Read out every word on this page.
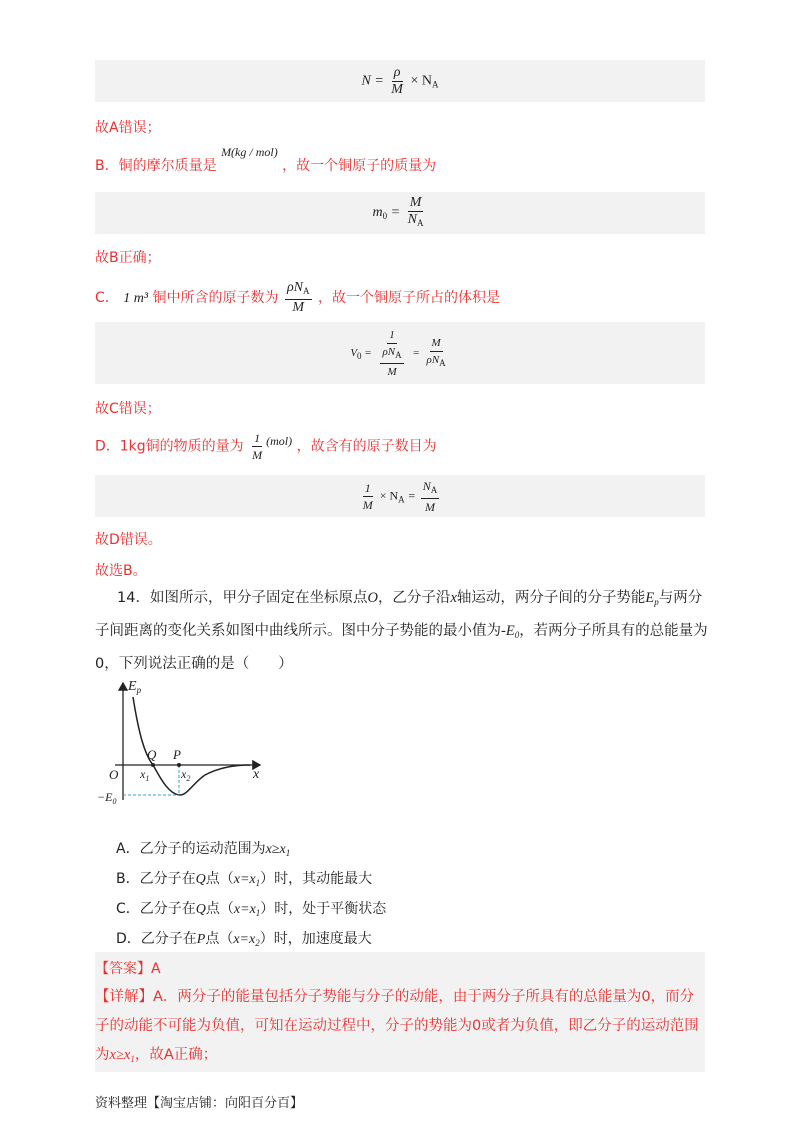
$N = \frac{\rho}{M} \times N_A$
故A错误；
B．铜的摩尔质量是 M(kg / mol) ，故一个铜原子的质量为
$m_0 = \frac{M}{N_A}$
故B正确；
C． 1 m³ 铜中所含的原子数为 $\frac{\rho N_A}{M}$ ，故一个铜原子所占的体积是
$V_0 = \frac{1}{\frac{\rho N_A}{M}} = \frac{M}{\rho N_A}$
故C错误；
D．1kg铜的物质的量为 $\frac{1}{M} (mol)$ ，故含有的原子数目为
$\frac{1}{M} \times N_A = \frac{N_A}{M}$
故D错误。
故选B。
14．如图所示，甲分子固定在坐标原点O，乙分子沿x轴运动，两分子间的分子势能$E_p$与两分子间距离的变化关系如图中曲线所示。图中分子势能的最小值为$-E_0$，若两分子所具有的总能量为0，下列说法正确的是（　　）
$E_p$
x
O
Q P
$x_1$	$x_2$
$-E_0$
A．乙分子的运动范围为$x\ge x_1$
B．乙分子在Q点$(x=x_1)$时，其动能最大
C．乙分子在Q点$(x=x_1)$时，处于平衡状态
D．乙分子在P点$(x=x_2)$时，加速度最大
【答案】A
【详解】A．两分子的能量包括分子势能与分子的动能，由于两分子所具有的总能量为0，而分子的动能不可能为负值，可知在运动过程中，分子的势能为0或者为负值，即乙分子的运动范围为$x\ge x_1$，故A正确；
资料整理【淘宝店铺：向阳百分百】
